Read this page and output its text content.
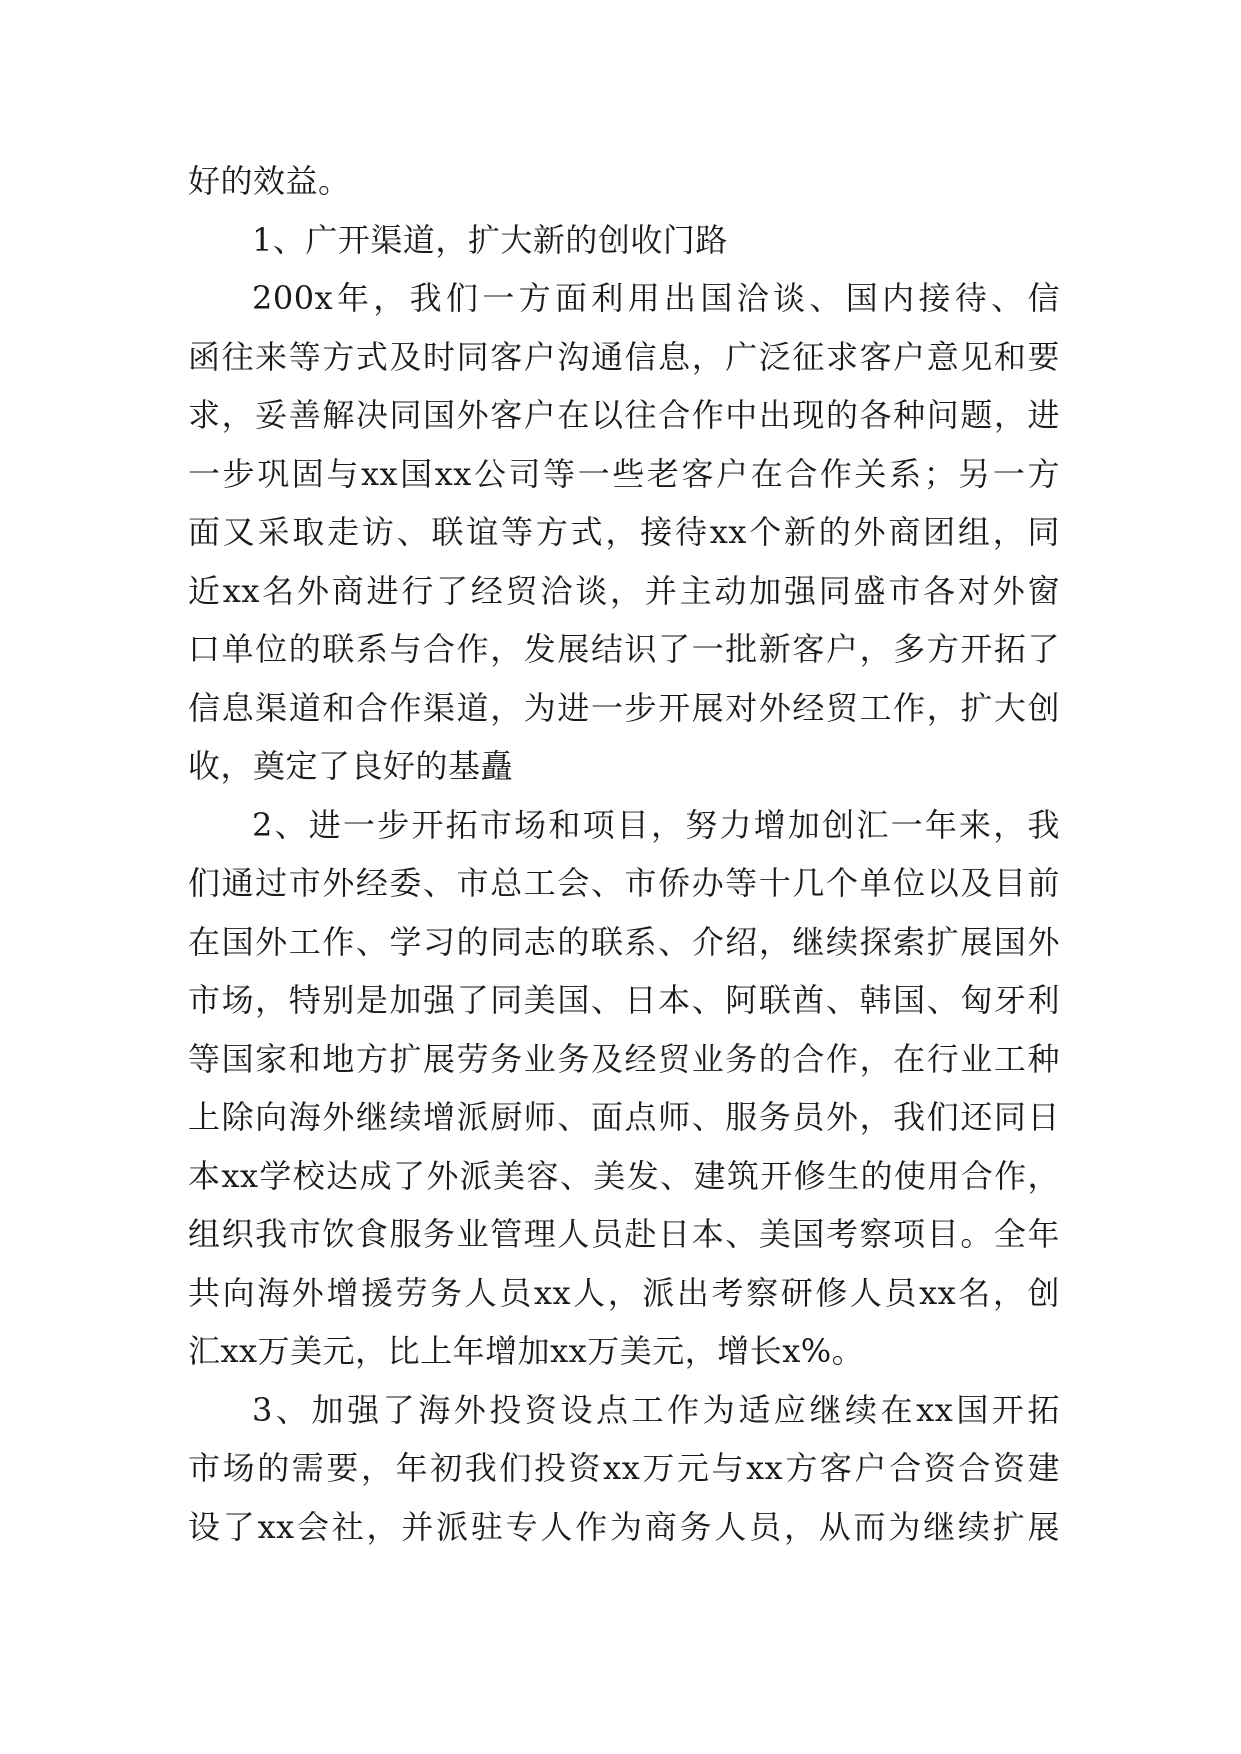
好的效益。
1、广开渠道，扩大新的创收门路
200x年，我们一方面利用出国洽谈、国内接待、信
函往来等方式及时同客户沟通信息，广泛征求客户意见和要
求，妥善解决同国外客户在以往合作中出现的各种问题，进
一步巩固与xx国xx公司等一些老客户在合作关系；另一方
面又采取走访、联谊等方式，接待xx个新的外商团组，同
近xx名外商进行了经贸洽谈，并主动加强同盛市各对外窗
口单位的联系与合作，发展结识了一批新客户，多方开拓了
信息渠道和合作渠道，为进一步开展对外经贸工作，扩大创
收，奠定了良好的基矗
2、进一步开拓市场和项目，努力增加创汇一年来，我
们通过市外经委、市总工会、市侨办等十几个单位以及目前
在国外工作、学习的同志的联系、介绍，继续探索扩展国外
市场，特别是加强了同美国、日本、阿联酋、韩国、匈牙利
等国家和地方扩展劳务业务及经贸业务的合作，在行业工种
上除向海外继续增派厨师、面点师、服务员外，我们还同日
本xx学校达成了外派美容、美发、建筑开修生的使用合作，
组织我市饮食服务业管理人员赴日本、美国考察项目。全年
共向海外增援劳务人员xx人，派出考察研修人员xx名，创
汇xx万美元，比上年增加xx万美元，增长x%。
3、加强了海外投资设点工作为适应继续在xx国开拓
市场的需要，年初我们投资xx万元与xx方客户合资合资建
设了xx会社，并派驻专人作为商务人员，从而为继续扩展
